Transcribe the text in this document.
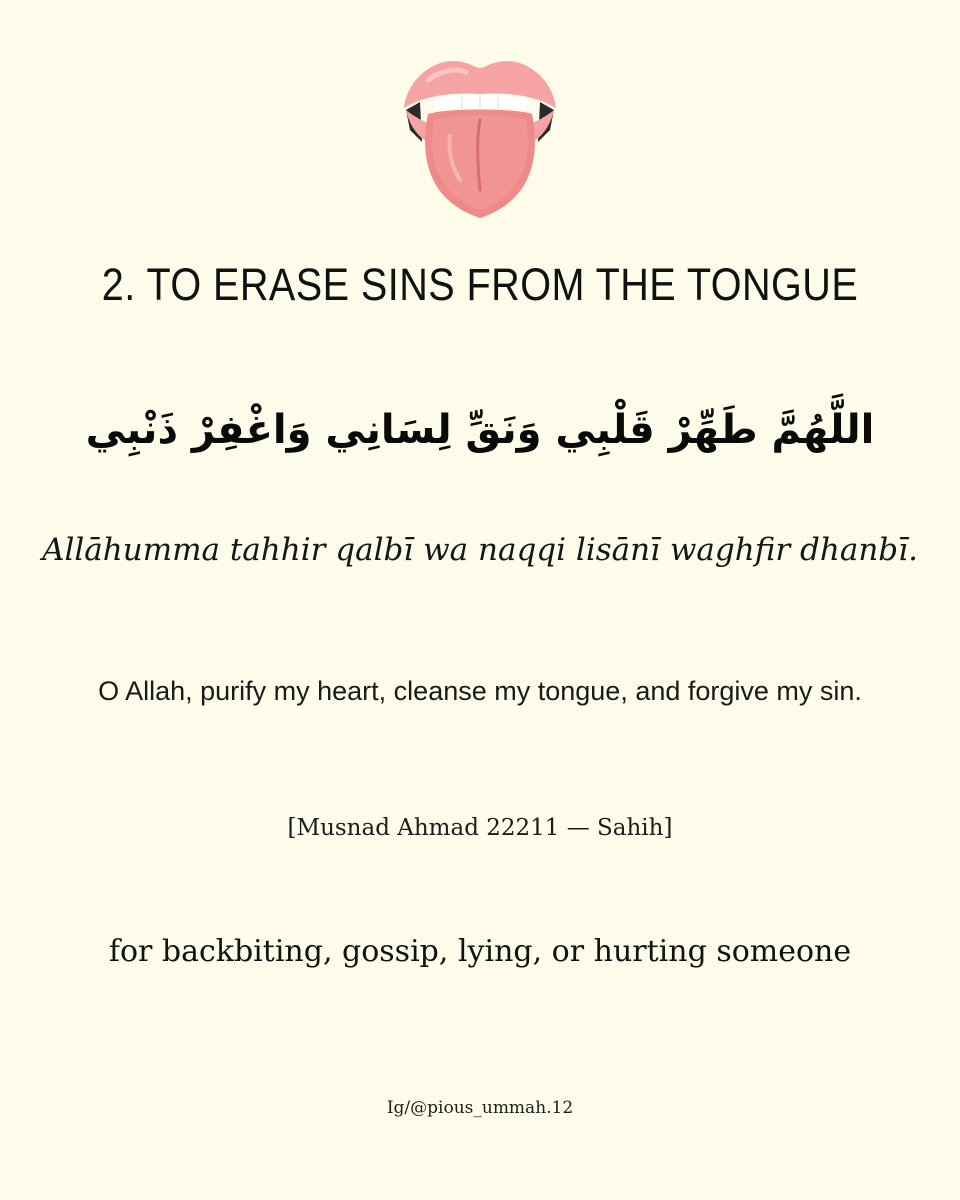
2. TO ERASE SINS FROM THE TONGUE
اللَّهُمَّ طَهِّرْ قَلْبِي وَنَقِّ لِسَانِي وَاغْفِرْ ذَنْبِي
Allāhumma tahhir qalbī wa naqqi lisānī waghfir dhanbī.
O Allah, purify my heart, cleanse my tongue, and forgive my sin.
[Musnad Ahmad 22211 — Sahih]
for backbiting, gossip, lying, or hurting someone
Ig/@pious_ummah.12
